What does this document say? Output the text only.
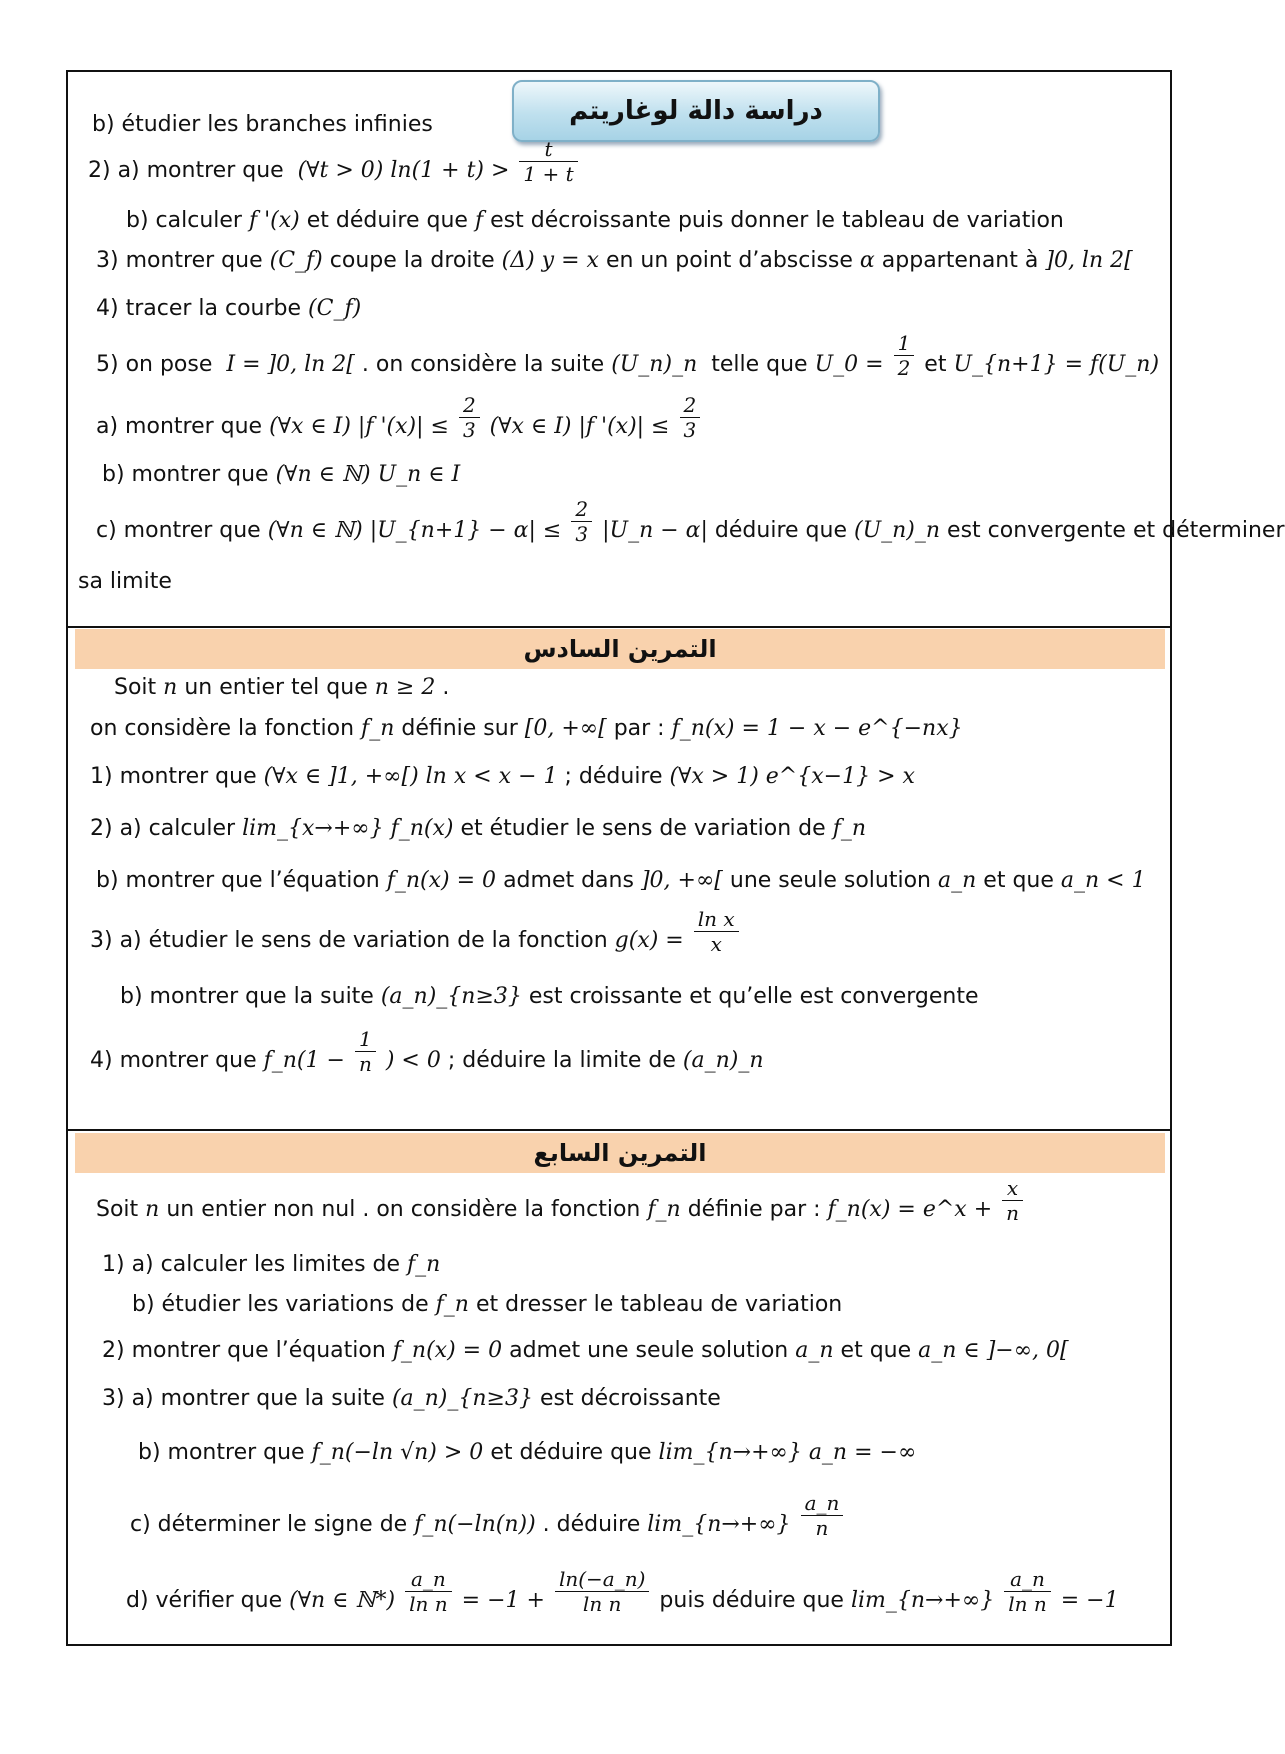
دراسة دالة لوغاريتم
b) étudier les branches infinies
2) a) montrer que (∀t > 0) $\ln(1 + t) > \frac{t}{1 + t}$
b) calculer f '(x) et déduire que f est décroissante puis donner le tableau de variation
3) montrer que (C_f) coupe la droite (Δ) y = x en un point d’abscisse α appartenant à ]0, ln 2[
4) tracer la courbe (C_f)
5) on pose I = ]0, ln 2[ . on considère la suite (U_n)_n telle que U_0 = $\frac{1}{2}$ et U_{n+1} = f(U_n)
a) montrer que (∀x ∈ I) |f '$(x)| \le \frac{2}{3}$ (∀x ∈ I) |f '$(x)| \le \frac{2}{3}$
b) montrer que (∀n ∈ ℕ) U_n ∈ I
c) montrer que (∀n ∈ ℕ) |U_{n+1} − $\alpha| \le \frac{2}{3}$ |U_n − α| déduire que (U_n)_n est convergente et déterminer
sa limite
التمرين السادس
Soit n un entier tel que n ≥ 2 .
on considère la fonction f_n définie sur [0, +∞[ par : f_n(x) = 1 − x − e^{−nx}
1) montrer que (∀x ∈ ]1, +∞[) ln x < x − 1 ; déduire (∀x > 1) e^{x−1} > x
2) a) calculer lim_{x→+∞} f_n(x) et étudier le sens de variation de f_n
b) montrer que l’équation f_n(x) = 0 admet dans ]0, +∞[ une seule solution a_n et que a_n < 1
3) a) étudier le sens de variation de la fonction $g(x) = \frac{\text{ln x}}{x}$
b) montrer que la suite (a_n)_{n≥3} est croissante et qu’elle est convergente
4) montrer que f_n(1 − $\frac{1}{n}$ ) < 0 ; déduire la limite de (a_n)_n
التمرين السابع
Soit n un entier non nul . on considère la fonction f_n définie par : f_n(x) = e^x + $\frac{x}{n}$
1) a) calculer les limites de f_n
b) étudier les variations de f_n et dresser le tableau de variation
2) montrer que l’équation f_n(x) = 0 admet une seule solution a_n et que a_n ∈ ]−∞, 0[
3) a) montrer que la suite (a_n)_{n≥3} est décroissante
b) montrer que f_n(−ln √n) > 0 et déduire que lim_{n→+∞} a_n = −∞
c) déterminer le signe de f_n(−ln(n)) . déduire lim_{n→+∞} $\frac{a\_n}{n}$
d) vérifier que (∀n ∈ ℕ*) $\frac{a\_n}{\text{ln n}} = -1 + \frac{\ln(-a\_n)}{\text{ln n}}$ puis déduire que lim_{n→+∞} $\frac{a\_n}{\text{ln n}} = -1$
